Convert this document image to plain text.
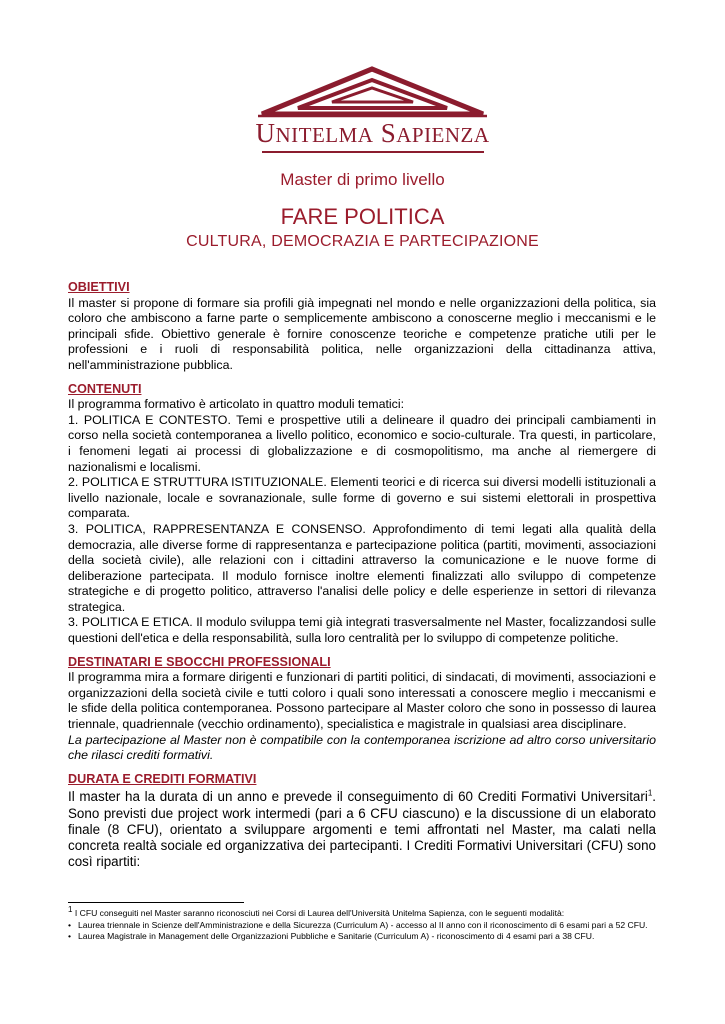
UNITELMA SAPIENZA
Master di primo livello
FARE POLITICA
CULTURA, DEMOCRAZIA E PARTECIPAZIONE
OBIETTIVI

Il master si propone di formare sia profili già impegnati nel mondo e nelle organizzazioni della politica, sia coloro che ambiscono a farne parte o semplicemente ambiscono a conoscerne meglio i meccanismi e le principali sfide. Obiettivo generale è fornire conoscenze teoriche e competenze pratiche utili per le professioni e i ruoli di responsabilità politica, nelle organizzazioni della cittadinanza attiva, nell'amministrazione pubblica.

CONTENUTI

Il programma formativo è articolato in quattro moduli tematici:

1. POLITICA E CONTESTO. Temi e prospettive utili a delineare il quadro dei principali cambiamenti in corso nella società contemporanea a livello politico, economico e socio-culturale. Tra questi, in particolare, i fenomeni legati ai processi di globalizzazione e di cosmopolitismo, ma anche al riemergere di nazionalismi e localismi.

2. POLITICA E STRUTTURA ISTITUZIONALE. Elementi teorici e di ricerca sui diversi modelli istituzionali a livello nazionale, locale e sovranazionale, sulle forme di governo e sui sistemi elettorali in prospettiva comparata.

3. POLITICA, RAPPRESENTANZA E CONSENSO. Approfondimento di temi legati alla qualità della democrazia, alle diverse forme di rappresentanza e partecipazione politica (partiti, movimenti, associazioni della società civile), alle relazioni con i cittadini attraverso la comunicazione e le nuove forme di deliberazione partecipata. Il modulo fornisce inoltre elementi finalizzati allo sviluppo di competenze strategiche e di progetto politico, attraverso l'analisi delle policy e delle esperienze in settori di rilevanza strategica.

3. POLITICA E ETICA. Il modulo sviluppa temi già integrati trasversalmente nel Master, focalizzandosi sulle questioni dell'etica e della responsabilità, sulla loro centralità per lo sviluppo di competenze politiche.

DESTINATARI E SBOCCHI PROFESSIONALI

Il programma mira a formare dirigenti e funzionari di partiti politici, di sindacati, di movimenti, associazioni e organizzazioni della società civile e tutti coloro i quali sono interessati a conoscere meglio i meccanismi e le sfide della politica contemporanea. Possono partecipare al Master coloro che sono in possesso di laurea triennale, quadriennale (vecchio ordinamento), specialistica e magistrale in qualsiasi area disciplinare.

La partecipazione al Master non è compatibile con la contemporanea iscrizione ad altro corso universitario che rilasci crediti formativi.

DURATA E CREDITI FORMATIVI

Il master ha la durata di un anno e prevede il conseguimento di 60 Crediti Formativi Universitari$^1$. Sono previsti due project work intermedi (pari a 6 CFU ciascuno) e la discussione di un elaborato finale (8 CFU), orientato a sviluppare argomenti e temi affrontati nel Master, ma calati nella concreta realtà sociale ed organizzativa dei partecipanti. I Crediti Formativi Universitari (CFU) sono così ripartiti:

$^1$ I CFU conseguiti nel Master saranno riconosciuti nei Corsi di Laurea dell'Università Unitelma Sapienza, con le seguenti modalità:

• Laurea triennale in Scienze dell'Amministrazione e della Sicurezza (Curriculum A) - accesso al II anno con il riconoscimento di 6 esami pari a 52 CFU.

• Laurea Magistrale in Management delle Organizzazioni Pubbliche e Sanitarie (Curriculum A) - riconoscimento di 4 esami pari a 38 CFU.
